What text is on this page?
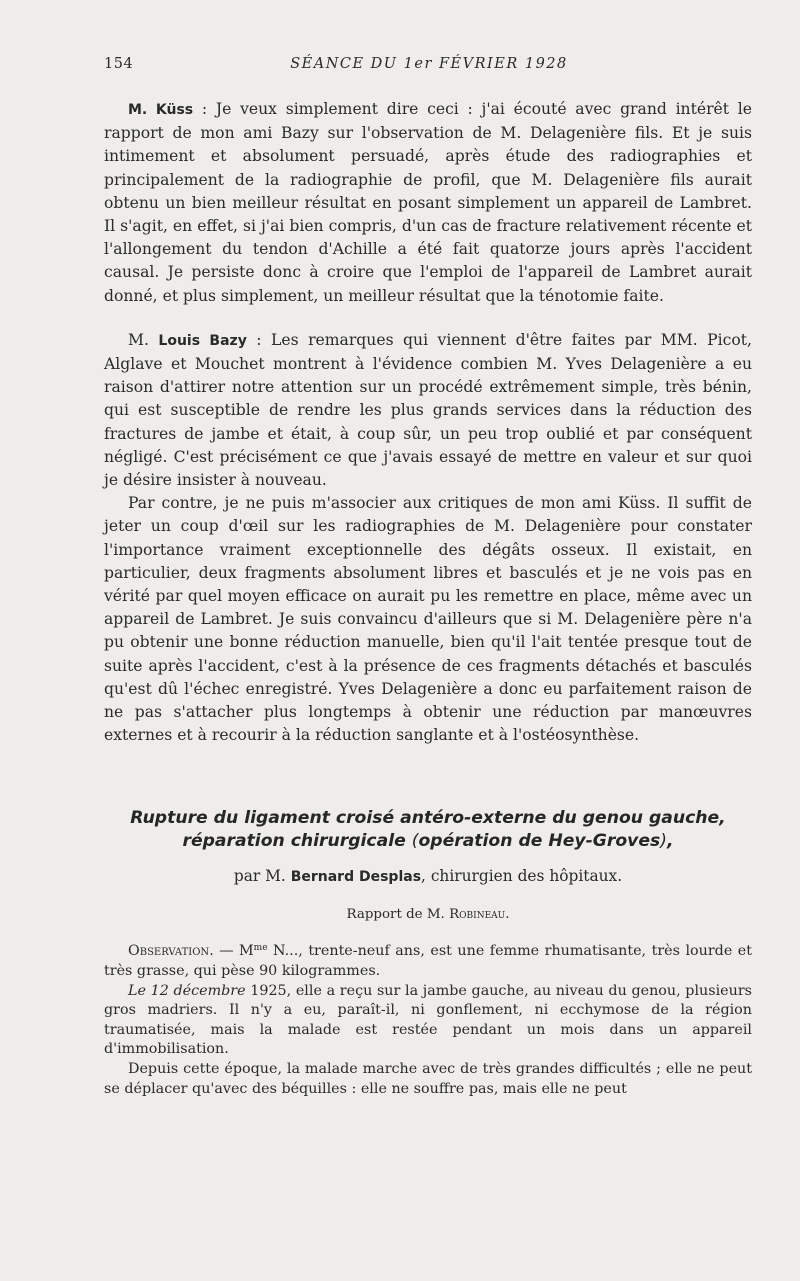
154	SÉANCE DU 1er FÉVRIER 1928

M. Küss : Je veux simplement dire ceci : j'ai écouté avec grand intérêt le rapport de mon ami Bazy sur l'observation de M. Delagenière fils. Et je suis intimement et absolument persuadé, après étude des radiographies et principalement de la radiographie de profil, que M. Delagenière fils aurait obtenu un bien meilleur résultat en posant simplement un appareil de Lambret. Il s'agit, en effet, si j'ai bien compris, d'un cas de fracture relativement récente et l'allongement du tendon d'Achille a été fait quatorze jours après l'accident causal. Je persiste donc à croire que l'emploi de l'appareil de Lambret aurait donné, et plus simplement, un meilleur résultat que la ténotomie faite.

M. Louis Bazy : Les remarques qui viennent d'être faites par MM. Picot, Alglave et Mouchet montrent à l'évidence combien M. Yves Delagenière a eu raison d'attirer notre attention sur un procédé extrêmement simple, très bénin, qui est susceptible de rendre les plus grands services dans la réduction des fractures de jambe et était, à coup sûr, un peu trop oublié et par conséquent négligé. C'est précisément ce que j'avais essayé de mettre en valeur et sur quoi je désire insister à nouveau.

Par contre, je ne puis m'associer aux critiques de mon ami Küss. Il suffit de jeter un coup d'œil sur les radiographies de M. Delagenière pour constater l'importance vraiment exceptionnelle des dégâts osseux. Il existait, en particulier, deux fragments absolument libres et basculés et je ne vois pas en vérité par quel moyen efficace on aurait pu les remettre en place, même avec un appareil de Lambret. Je suis convaincu d'ailleurs que si M. Delagenière père n'a pu obtenir une bonne réduction manuelle, bien qu'il l'ait tentée presque tout de suite après l'accident, c'est à la présence de ces fragments détachés et basculés qu'est dû l'échec enregistré. Yves Delagenière a donc eu parfaitement raison de ne pas s'attacher plus longtemps à obtenir une réduction par manœuvres externes et à recourir à la réduction sanglante et à l'ostéosynthèse.

Rupture du ligament croisé antéro-externe du genou gauche,
réparation chirurgicale (opération de Hey-Groves),
par M. Bernard Desplas, chirurgien des hôpitaux.
Rapport de M. Robineau.

Observation. — $M^{me}$ N..., trente-neuf ans, est une femme rhumatisante, très lourde et très grasse, qui pèse 90 kilogrammes.

Le 12 décembre 1925, elle a reçu sur la jambe gauche, au niveau du genou, plusieurs gros madriers. Il n'y a eu, paraît-il, ni gonflement, ni ecchymose de la région traumatisée, mais la malade est restée pendant un mois dans un appareil d'immobilisation.

Depuis cette époque, la malade marche avec de très grandes difficultés ; elle ne peut se déplacer qu'avec des béquilles : elle ne souffre pas, mais elle ne peut
